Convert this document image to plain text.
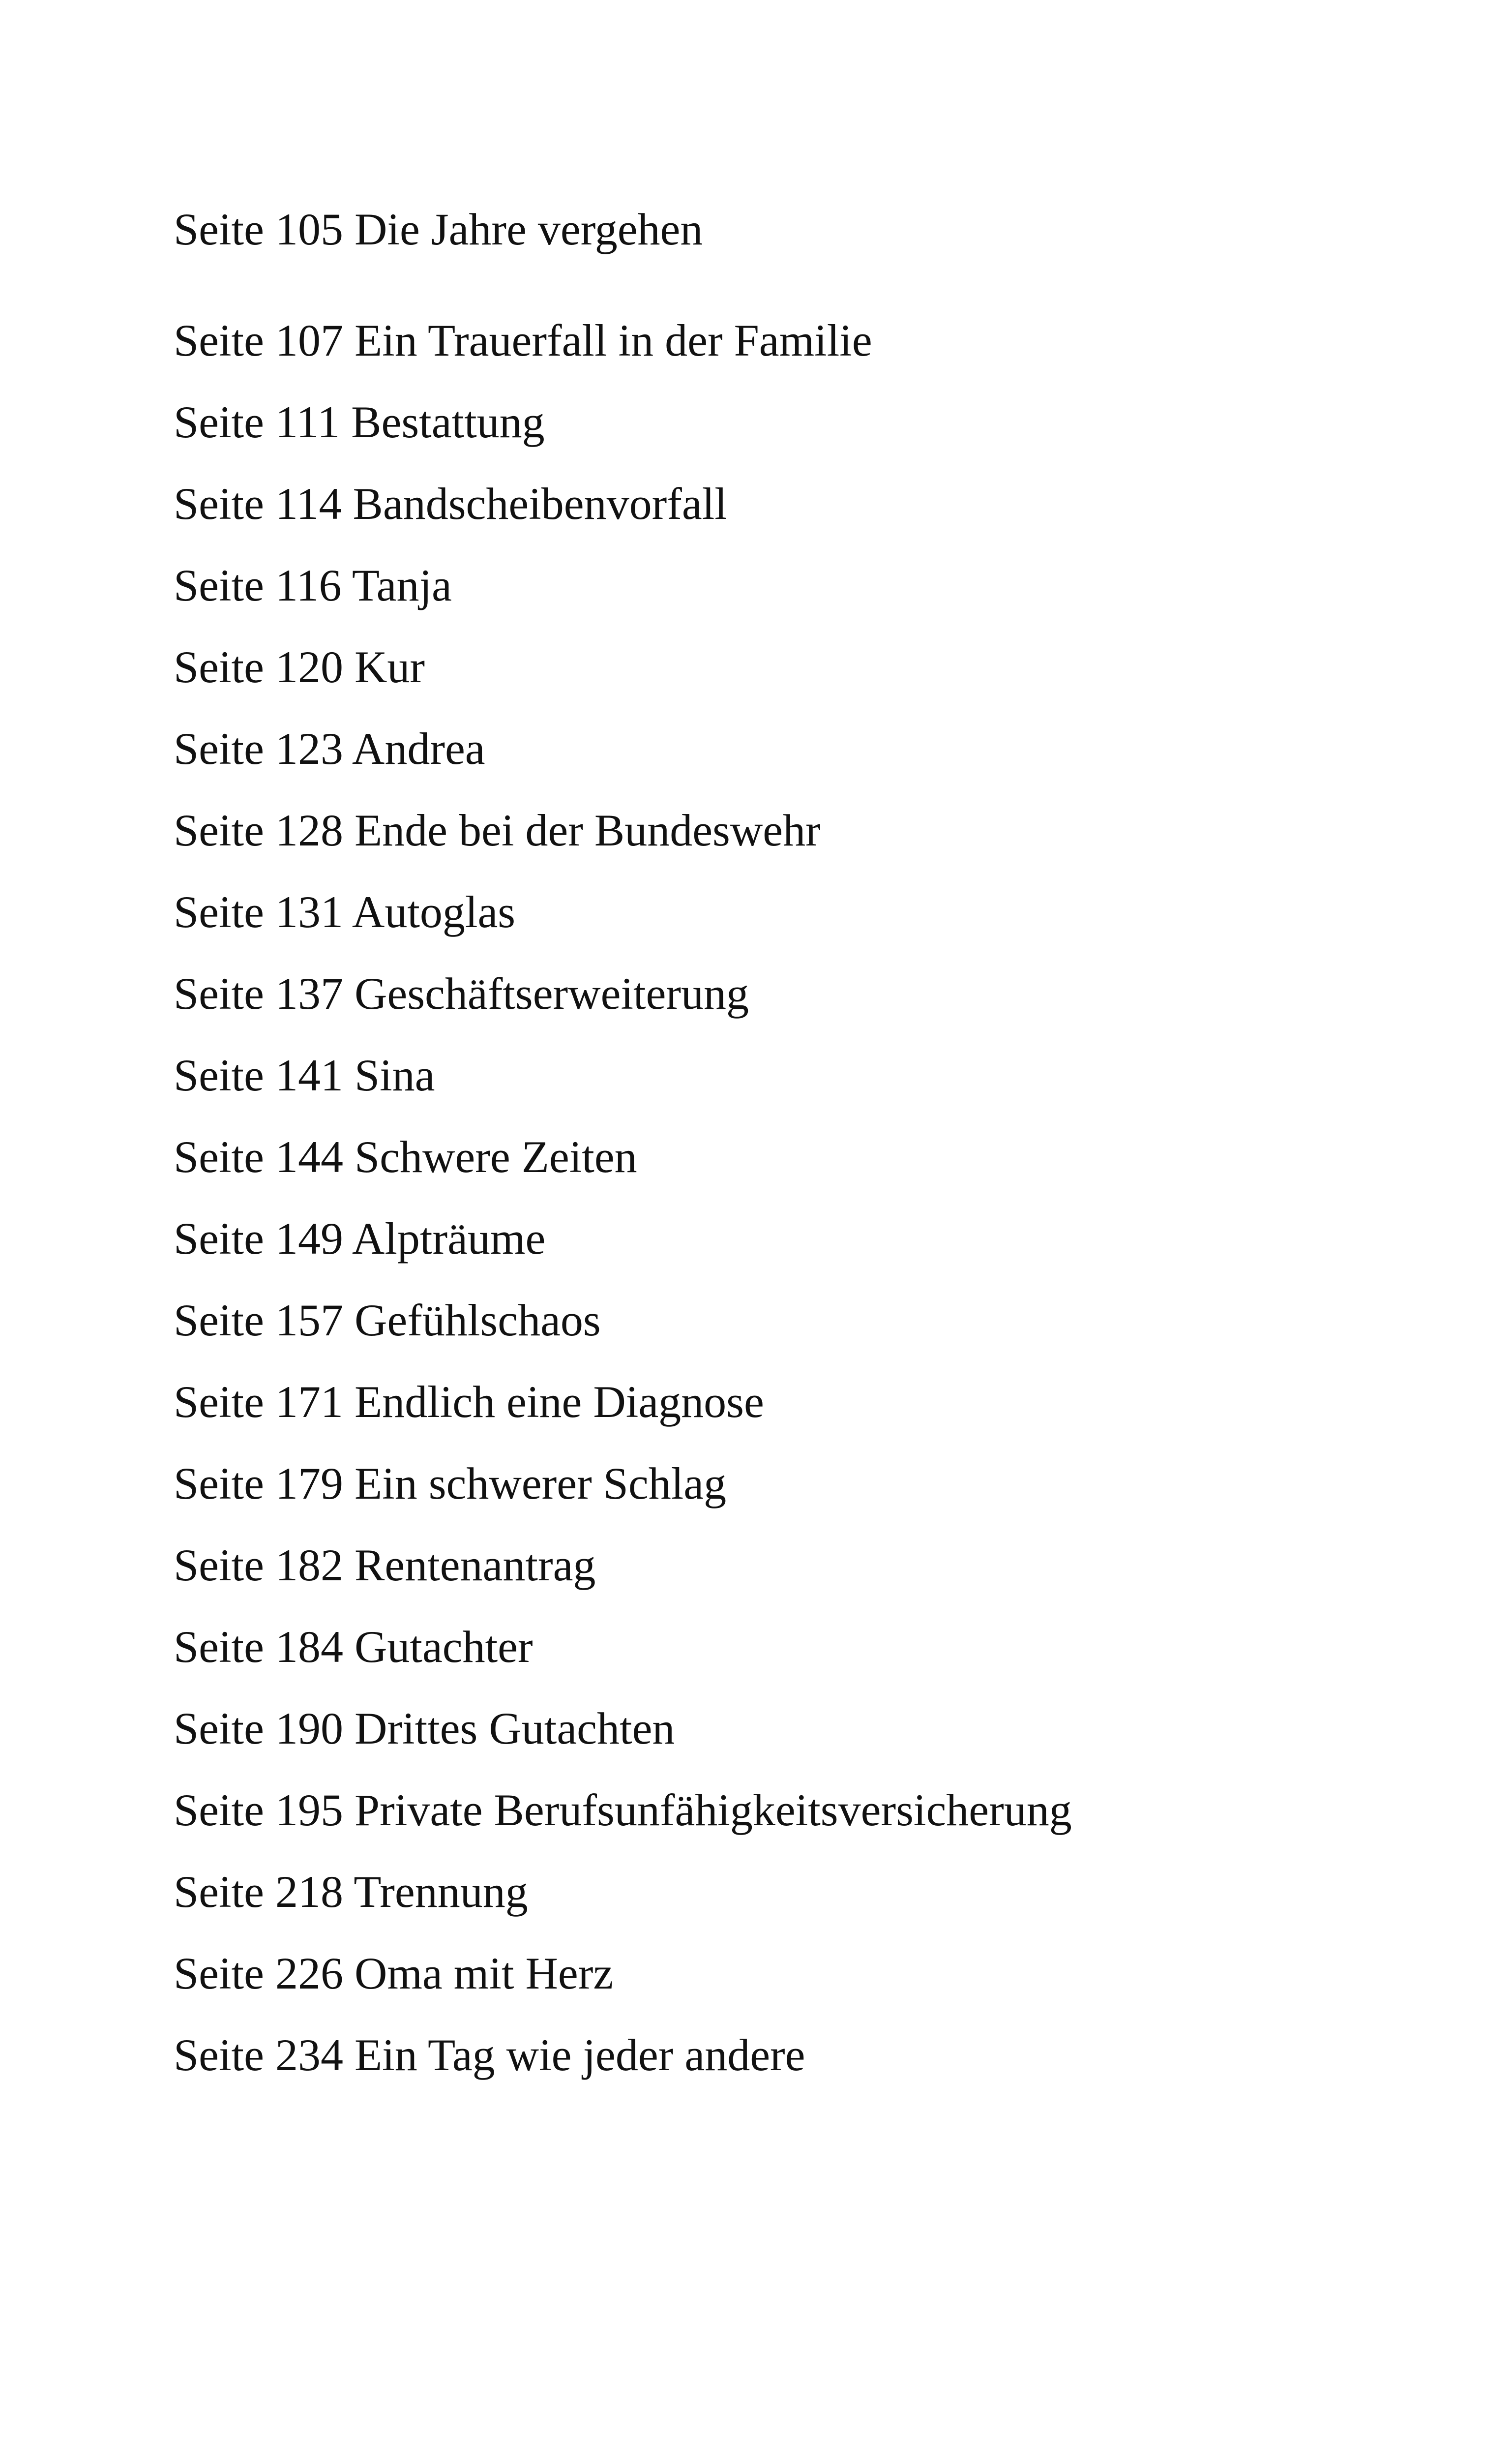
Seite 105 Die Jahre vergehen
Seite 107 Ein Trauerfall in der Familie
Seite 111 Bestattung
Seite 114 Bandscheibenvorfall
Seite 116 Tanja
Seite 120 Kur
Seite 123 Andrea
Seite 128 Ende bei der Bundeswehr
Seite 131 Autoglas
Seite 137 Geschäftserweiterung
Seite 141 Sina
Seite 144 Schwere Zeiten
Seite 149 Alpträume
Seite 157 Gefühlschaos
Seite 171 Endlich eine Diagnose
Seite 179 Ein schwerer Schlag
Seite 182 Rentenantrag
Seite 184 Gutachter
Seite 190 Drittes Gutachten
Seite 195 Private Berufsunfähigkeitsversicherung
Seite 218 Trennung
Seite 226 Oma mit Herz
Seite 234 Ein Tag wie jeder andere
